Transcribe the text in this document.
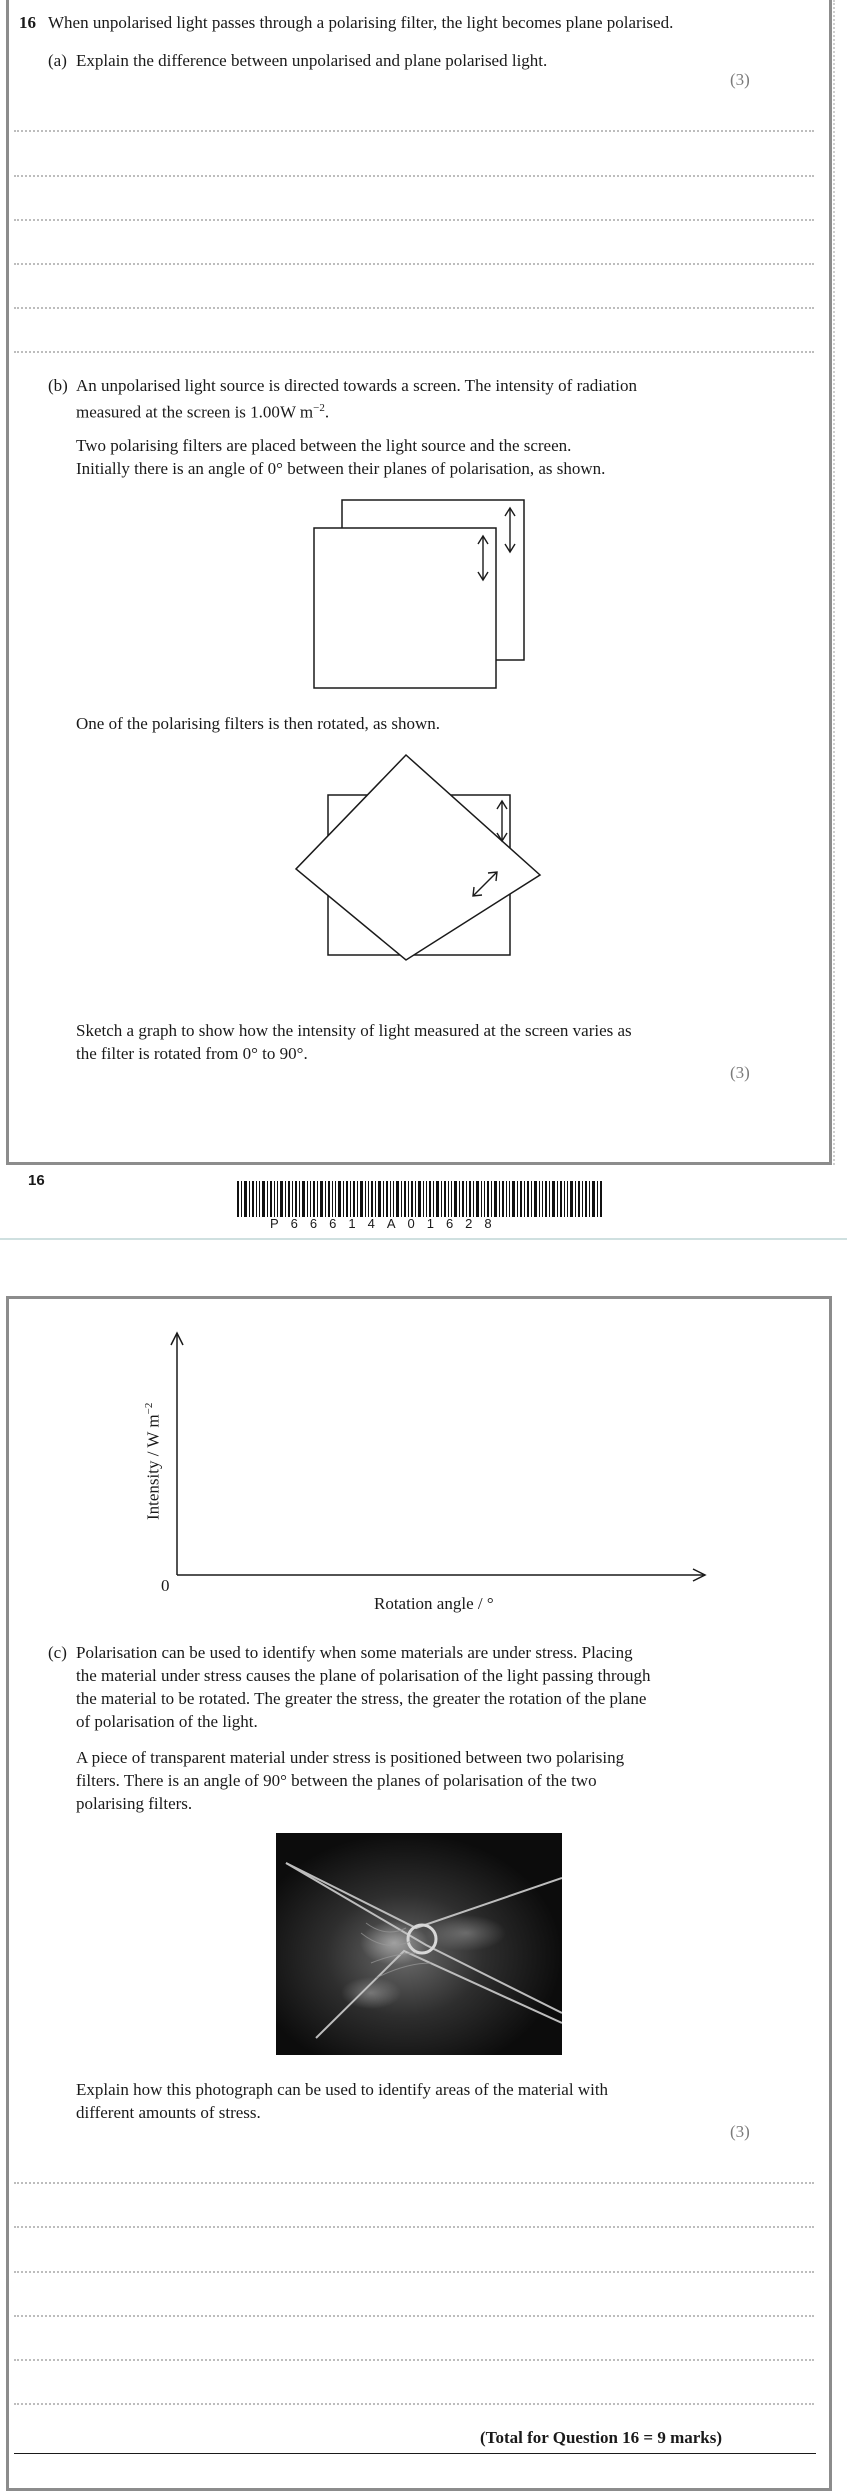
16 When unpolarised light passes through a polarising filter, the light becomes plane polarised.
(a) Explain the difference between unpolarised and plane polarised light.
(3)
(b) An unpolarised light source is directed towards a screen. The intensity of radiation
measured at the screen is 1.00W $m^{-2}$.
Two polarising filters are placed between the light source and the screen.
Initially there is an angle of 0° between their planes of polarisation, as shown.
One of the polarising filters is then rotated, as shown.
Sketch a graph to show how the intensity of light measured at the screen varies as
the filter is rotated from 0° to 90°.
(3)
16
P66614A01628
Intensity / W $m^{-2}$
0
Rotation angle / °
(c) Polarisation can be used to identify when some materials are under stress. Placing
the material under stress causes the plane of polarisation of the light passing through
the material to be rotated. The greater the stress, the greater the rotation of the plane
of polarisation of the light.
A piece of transparent material under stress is positioned between two polarising
filters. There is an angle of 90° between the planes of polarisation of the two
polarising filters.
Explain how this photograph can be used to identify areas of the material with
different amounts of stress.
(3)
(Total for Question 16 = 9 marks)
